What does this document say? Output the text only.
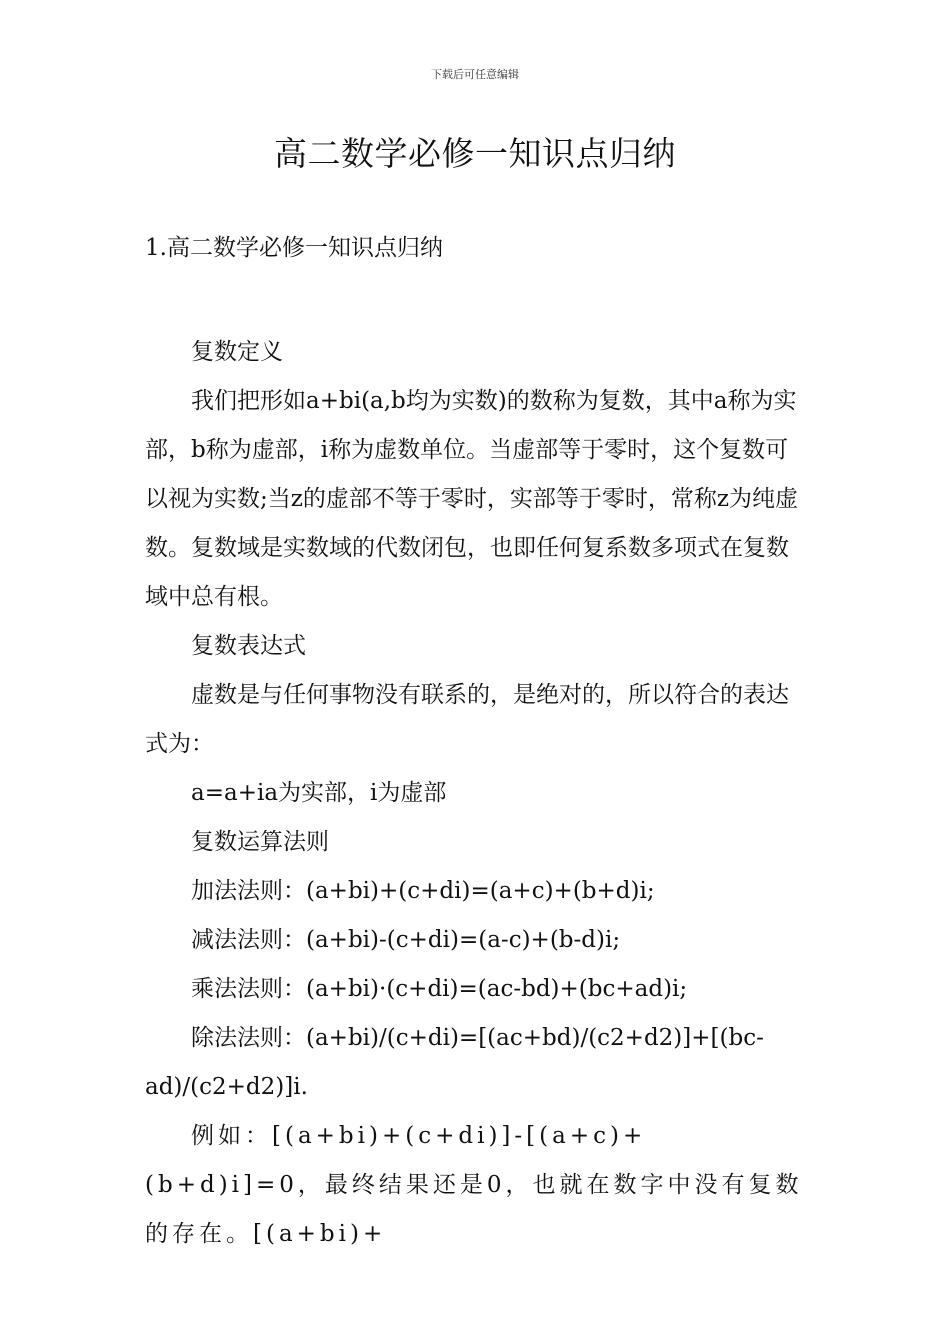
下载后可任意编辑
高二数学必修一知识点归纳
1.高二数学必修一知识点归纳

复数定义

我们把形如a+bi(a,b均为实数)的数称为复数，其中a称为实部，b称为虚部，i称为虚数单位。当虚部等于零时，这个复数可以视为实数;当z的虚部不等于零时，实部等于零时，常称z为纯虚数。复数域是实数域的代数闭包，也即任何复系数多项式在复数域中总有根。

复数表达式

虚数是与任何事物没有联系的，是绝对的，所以符合的表达式为：

a=a+ia为实部，i为虚部

复数运算法则

加法法则：(a+bi)+(c+di)=(a+c)+(b+d)i;

减法法则：(a+bi)-(c+di)=(a-c)+(b-d)i;

乘法法则：(a+bi)·(c+di)=(ac-bd)+(bc+ad)i;

除法法则：(a+bi)/(c+di)=[(ac+bd)/(c2+d2)]+[(bc-ad)/(c2+d2)]i.

例如：[(a+bi)+(c+di)]-[(a+c)+(b+d)i]=0，最终结果还是0，也就在数字中没有复数的存在。[(a+bi)+
